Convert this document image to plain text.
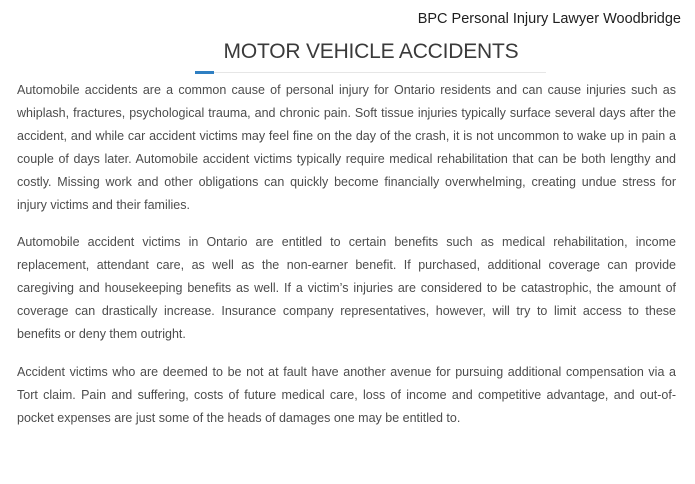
BPC Personal Injury Lawyer Woodbridge
MOTOR VEHICLE ACCIDENTS

Automobile accidents are a common cause of personal injury for Ontario residents and can cause injuries such as whiplash, fractures, psychological trauma, and chronic pain. Soft tissue injuries typically surface several days after the accident, and while car accident victims may feel fine on the day of the crash, it is not uncommon to wake up in pain a couple of days later. Automobile accident victims typically require medical rehabilitation that can be both lengthy and costly. Missing work and other obligations can quickly become financially overwhelming, creating undue stress for injury victims and their families.

Automobile accident victims in Ontario are entitled to certain benefits such as medical rehabilitation, income replacement, attendant care, as well as the non-earner benefit. If purchased, additional coverage can provide caregiving and housekeeping benefits as well. If a victim’s injuries are considered to be catastrophic, the amount of coverage can drastically increase. Insurance company representatives, however, will try to limit access to these benefits or deny them outright.

Accident victims who are deemed to be not at fault have another avenue for pursuing additional compensation via a Tort claim. Pain and suffering, costs of future medical care, loss of income and competitive advantage, and out-of-pocket expenses are just some of the heads of damages one may be entitled to.
